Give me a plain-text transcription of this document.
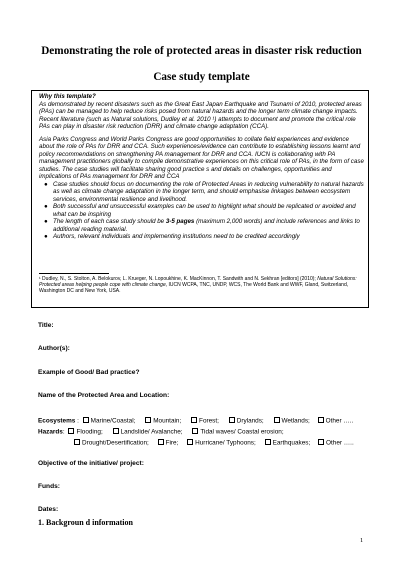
Demonstrating the role of protected areas in disaster risk reduction
Case study template

Why this template?

As demonstrated by recent disasters such as the Great East Japan Earthquake and Tsunami of 2010, protected areas (PAs) can be managed to help reduce risks posed from natural hazards and the longer term climate change impacts. Recent literature (such as Natural solutions, Dudley et al. 2010 ¹) attempts to document and promote the critical role PAs can play in disaster risk reduction (DRR) and climate change adaptation (CCA).

Asia Parks Congress and World Parks Congress are good opportunities to collate field experiences and evidence about the role of PAs for DRR and CCA. Such experiences/evidence can contribute to establishing lessons learnt and policy recommendations on strengthening PA management for DRR and CCA. IUCN is collaborating with PA management practitioners globally to compile demonstrative experiences on this critical role of PAs, in the form of case studies. The case studies will facilitate sharing good practice s and details on challenges, opportunities and implications of PAs management for DRR and CCA

● Case studies should focus on documenting the role of Protected Areas in reducing vulnerability to natural hazards as well as climate change adaptation in the longer term, and should emphasise linkages between ecosystem services, environmental resilience and livelihood.
● Both successful and unsuccessful examples can be used to highlight what should be replicated or avoided and what can be inspiring
● The length of each case study should be 3-5 pages (maximum 2,000 words) and include references and links to additional reading material.
● Authors, relevant individuals and implementing institutions need to be credited accordingly
¹ Dudley, N., S. Stolton, A. Belokurov, L. Krueger, N. Lopoukhine, K. MacKinnon, T. Sandwith and N. Sekhran [editors] (2010); Natural Solutions: Protected areas helping people cope with climate change, IUCN WCPA, TNC, UNDP, WCS, The World Bank and WWF, Gland, Switzerland, Washington DC and New York, USA.
Title:
Author(s):
Example of Good/ Bad practice?
Name of the Protected Area and Location:
Ecosystems : Marine/Coastal;	Mountain;	Forest;	Drylands;	Wetlands; Other …..
Hazards: Flooding;	Landslide/ Avalanche;	Tidal waves/ Coastal erosion;
Drought/Desertification;	Fire;	Hurricane/ Typhoons;	Earthquakes; Other …..
Objective of the initiative/ project:
Funds:
Dates:
1. Backgroun d information
1
